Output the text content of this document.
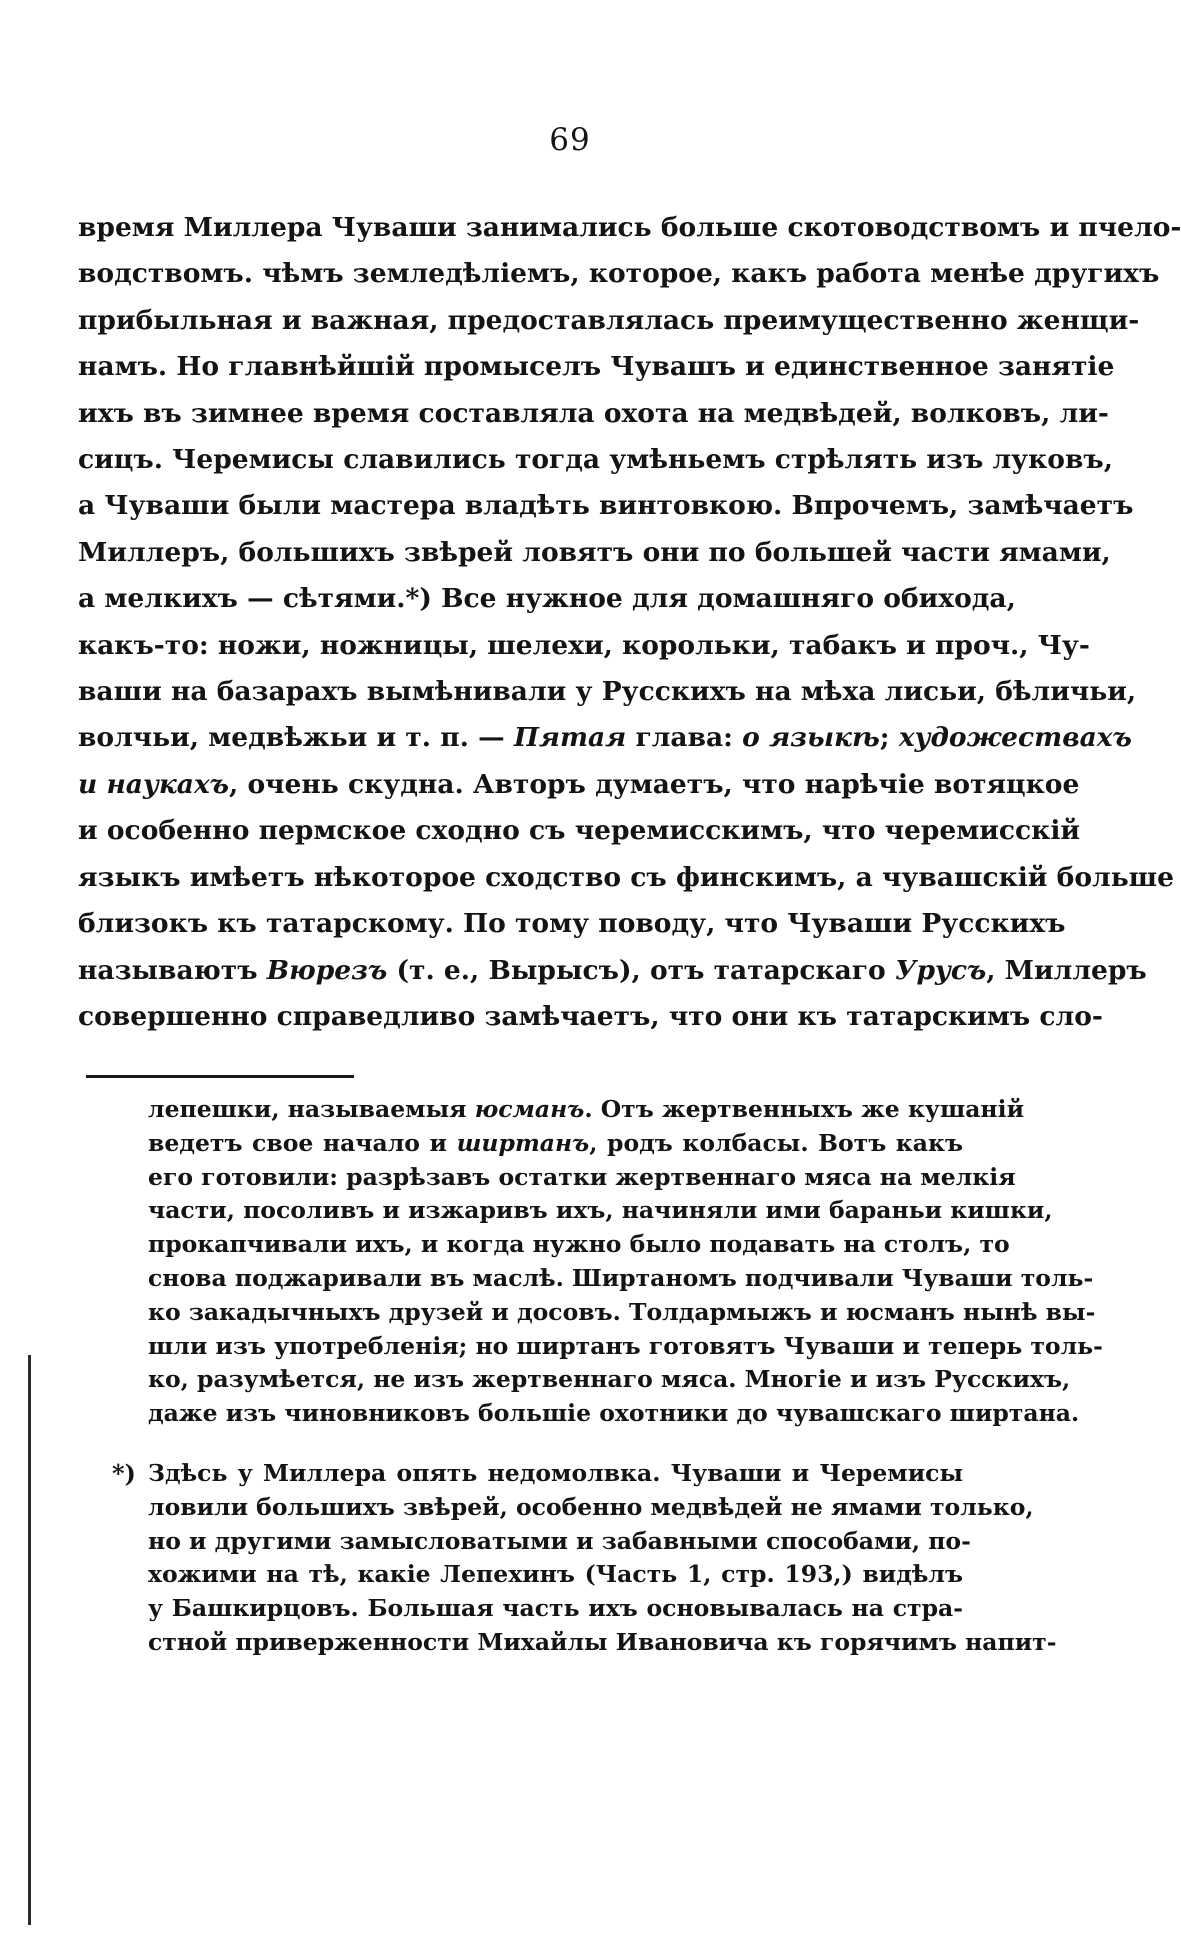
69
время Миллера Чуваши занимались больше скотоводствомъ и пчело-
водствомъ. чѣмъ земледѣліемъ, которое, какъ работа менѣе другихъ
прибыльная и важная, предоставлялась преимущественно женщи-
намъ. Но главнѣйшій промыселъ Чувашъ и единственное занятіе
ихъ въ зимнее время составляла охота на медвѣдей, волковъ, ли-
сицъ. Черемисы славились тогда умѣньемъ стрѣлять изъ луковъ,
а Чуваши были мастера владѣть винтовкою. Впрочемъ, замѣчаетъ
Миллеръ, большихъ звѣрей ловятъ они по большей части ямами,
а мелкихъ — сѣтями.*) Все нужное для домашняго обихода,
какъ-то: ножи, ножницы, шелехи, корольки, табакъ и проч., Чу-
ваши на базарахъ вымѣнивали у Русскихъ на мѣха лисьи, бѣличьи,
волчьи, медвѣжьи и т. п. — Пятая глава: о языкѣ; художествахъ
и наукахъ, очень скудна. Авторъ думаетъ, что нарѣчіе вотяцкое
и особенно пермское сходно съ черемисскимъ, что черемисскій
языкъ имѣетъ нѣкоторое сходство съ финскимъ, а чувашскій больше
близокъ къ татарскому. По тому поводу, что Чуваши Русскихъ
называютъ Вюрезъ (т. е., Вырысъ), отъ татарскаго Урусъ, Миллеръ
совершенно справедливо замѣчаетъ, что они къ татарскимъ сло-
лепешки, называемыя юсманъ. Отъ жертвенныхъ же кушаній
ведетъ свое начало и ширтанъ, родъ колбасы. Вотъ какъ
его готовили: разрѣзавъ остатки жертвеннаго мяса на мелкія
части, посоливъ и изжаривъ ихъ, начиняли ими бараньи кишки,
прокапчивали ихъ, и когда нужно было подавать на столъ, то
снова поджаривали въ маслѣ. Ширтаномъ подчивали Чуваши толь-
ко закадычныхъ друзей и досовъ. Толдармыжъ и юсманъ нынѣ вы-
шли изъ употребленія; но ширтанъ готовятъ Чуваши и теперь толь-
ко, разумѣется, не изъ жертвеннаго мяса. Многіе и изъ Русскихъ,
даже изъ чиновниковъ большіе охотники до чувашскаго ширтана.
*) Здѣсь у Миллера опять недомолвка. Чуваши и Черемисы
ловили большихъ звѣрей, особенно медвѣдей не ямами только,
но и другими замысловатыми и забавными способами, по-
хожими на тѣ, какіе Лепехинъ (Часть 1, стр. 193,) видѣлъ
у Башкирцовъ. Большая часть ихъ основывалась на стра-
стной приверженности Михайлы Ивановича къ горячимъ напит-
